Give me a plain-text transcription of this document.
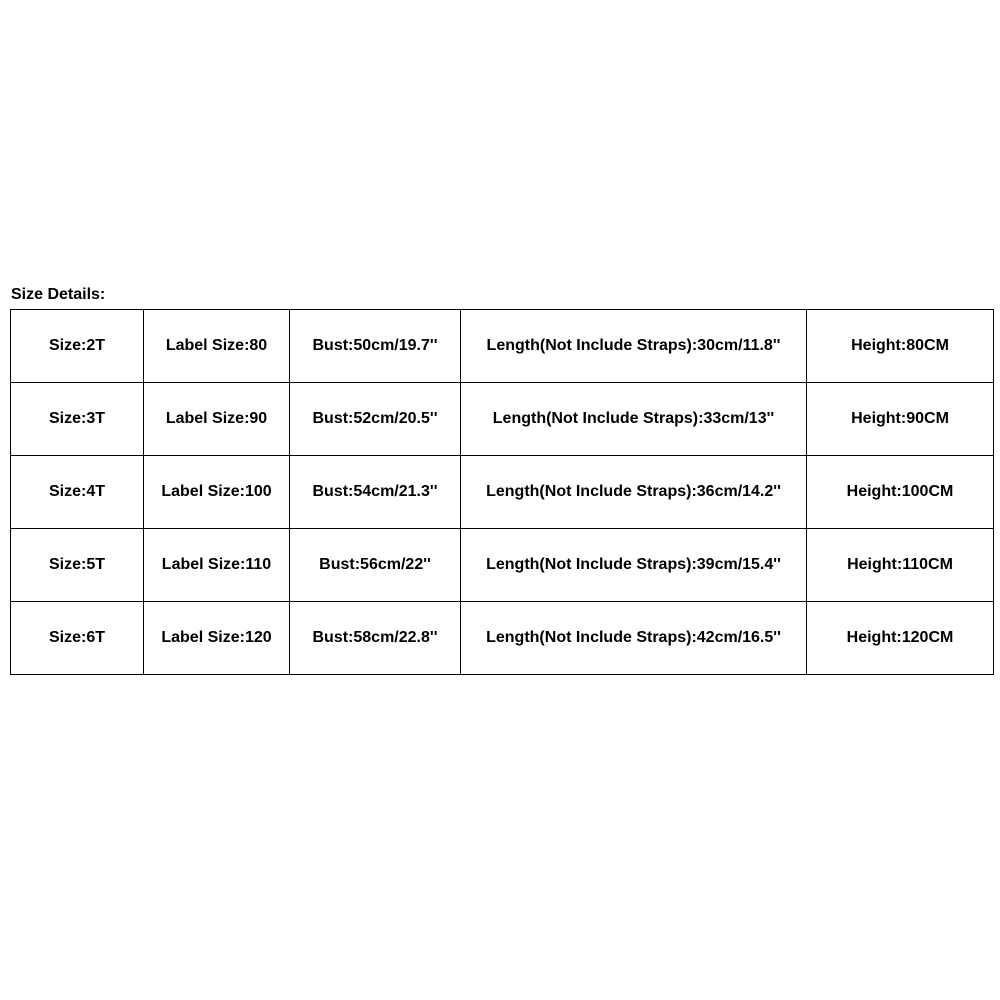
Size Details:
Size:2T	Label Size:80	Bust:50cm/19.7''	Length(Not Include Straps):30cm/11.8''	Height:80CM
Size:3T	Label Size:90	Bust:52cm/20.5''	Length(Not Include Straps):33cm/13''	Height:90CM
Size:4T	Label Size:100	Bust:54cm/21.3''	Length(Not Include Straps):36cm/14.2''	Height:100CM
Size:5T	Label Size:110	Bust:56cm/22''	Length(Not Include Straps):39cm/15.4''	Height:110CM
Size:6T	Label Size:120	Bust:58cm/22.8''	Length(Not Include Straps):42cm/16.5''	Height:120CM
